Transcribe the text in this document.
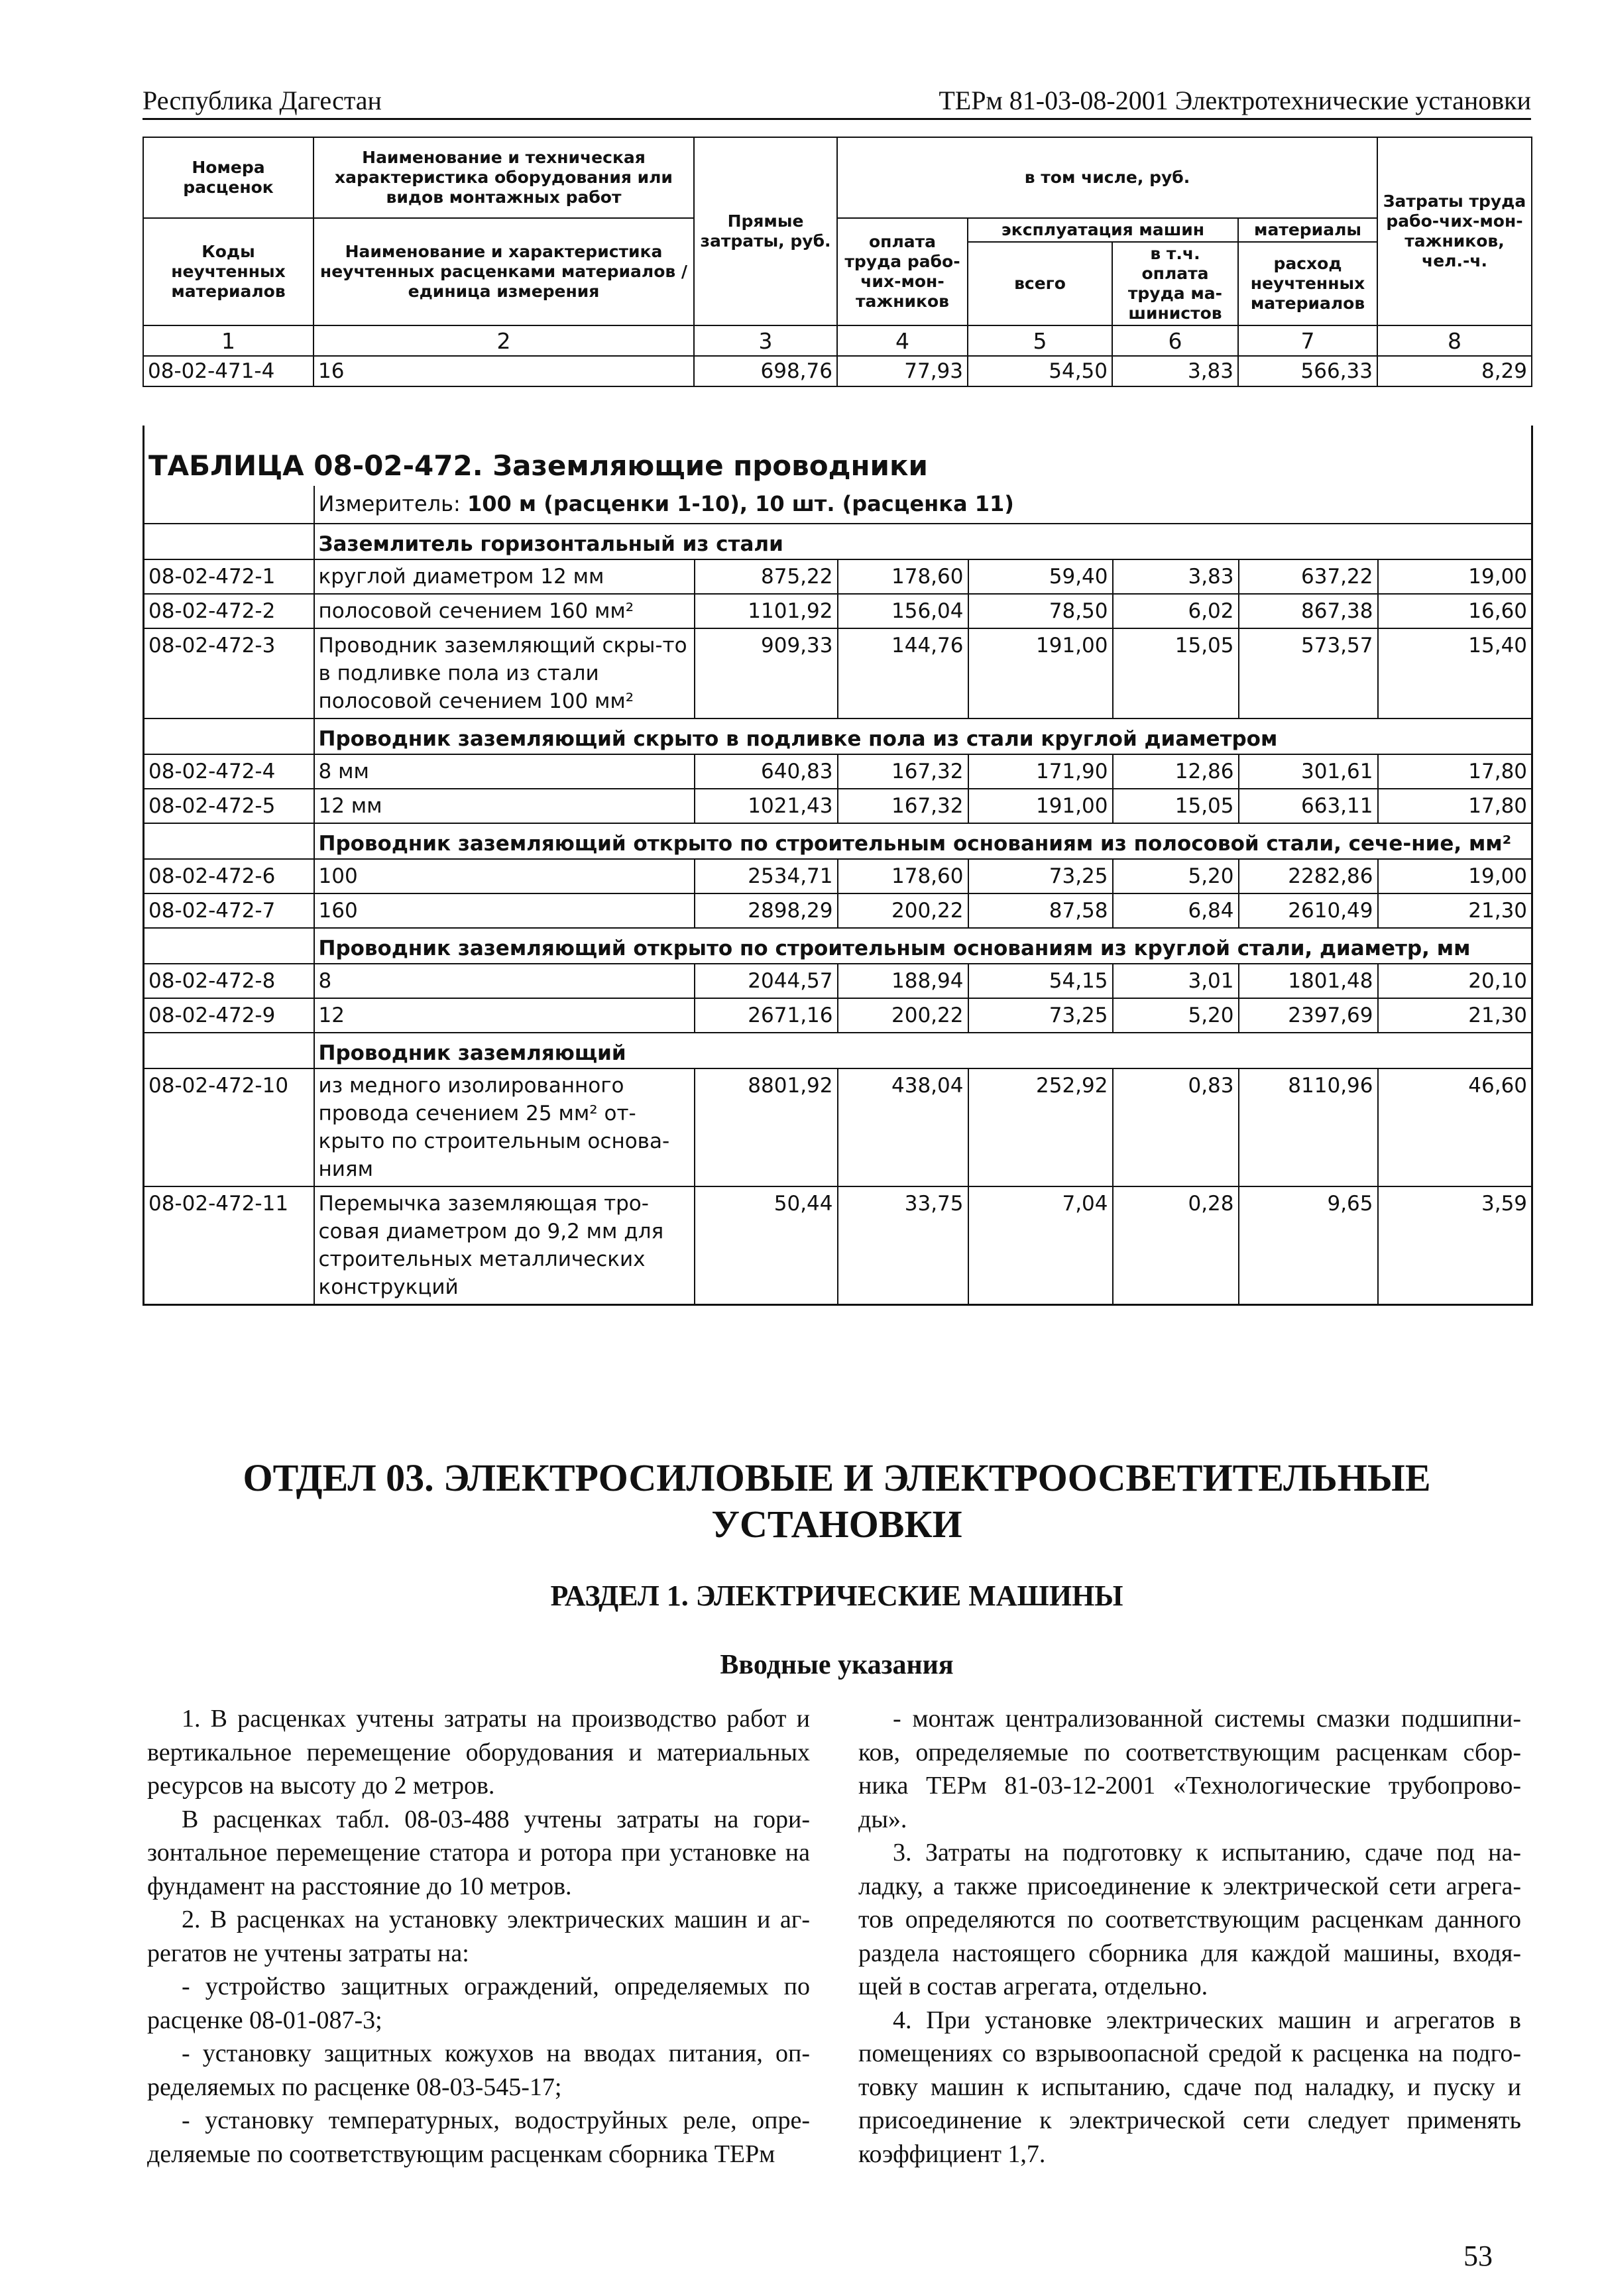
Республика Дагестан	ТЕРм 81-03-08-2001 Электротехнические установки
Номера расценок	Наименование и техническая характеристика оборудования или видов монтажных работ	Прямые затраты, руб.	в том числе, руб.				Затраты труда рабо-чих-мон-тажников, чел.-ч.
Коды неучтенных материалов	Наименование и характеристика неучтенных расценками материалов / единица измерения		оплата труда рабо-чих-мон-тажников	эксплуатация машин		материалы	
				всего	в т.ч. оплата труда ма-шинистов	расход неучтенных материалов	
1	2	3	4	5	6	7	8
08-02-471-4	16	698,76	77,93	54,50	3,83	566,33	8,29
ТАБЛИЦА 08-02-472. Заземляющие проводники							
	Измеритель: 100 м (расценки 1-10), 10 шт. (расценка 11)						
	Заземлитель горизонтальный из стали						
08-02-472-1	круглой диаметром 12 мм	875,22	178,60	59,40	3,83	637,22	19,00
08-02-472-2	полосовой сечением 160 мм²	1101,92	156,04	78,50	6,02	867,38	16,60
08-02-472-3	Проводник заземляющий скры-то в подливке пола из стали полосовой сечением 100 мм²	909,33	144,76	191,00	15,05	573,57	15,40
	Проводник заземляющий скрыто в подливке пола из стали круглой диаметром						
08-02-472-4	8 мм	640,83	167,32	171,90	12,86	301,61	17,80
08-02-472-5	12 мм	1021,43	167,32	191,00	15,05	663,11	17,80
	Проводник заземляющий открыто по строительным основаниям из полосовой стали, сече-ние, мм²						
08-02-472-6	100	2534,71	178,60	73,25	5,20	2282,86	19,00
08-02-472-7	160	2898,29	200,22	87,58	6,84	2610,49	21,30
	Проводник заземляющий открыто по строительным основаниям из круглой стали, диаметр, мм						
08-02-472-8	8	2044,57	188,94	54,15	3,01	1801,48	20,10
08-02-472-9	12	2671,16	200,22	73,25	5,20	2397,69	21,30
	Проводник заземляющий						
08-02-472-10	из медного изолированного провода сечением 25 мм² от-крыто по строительным основа-ниям	8801,92	438,04	252,92	0,83	8110,96	46,60
08-02-472-11	Перемычка заземляющая тро-совая диаметром до 9,2 мм для строительных металлических конструкций	50,44	33,75	7,04	0,28	9,65	3,59
ОТДЕЛ 03. ЭЛЕКТРОСИЛОВЫЕ И ЭЛЕКТРООСВЕТИТЕЛЬНЫЕ УСТАНОВКИ
РАЗДЕЛ 1. ЭЛЕКТРИЧЕСКИЕ МАШИНЫ
Вводные указания

1. В расценках учтены затраты на производство работ и вертикальное перемещение оборудования и материальных ресурсов на высоту до 2 метров.

В расценках табл. 08-03-488 учтены затраты на гори-зонтальное перемещение статора и ротора при установке на фундамент на расстояние до 10 метров.

2. В расценках на установку электрических машин и аг-регатов не учтены затраты на:

- устройство защитных ограждений, определяемых по расценке 08-01-087-3;

- установку защитных кожухов на вводах питания, оп-ределяемых по расценке 08-03-545-17;

- установку температурных, водоструйных реле, опре-деляемые по соответствующим расценкам сборника ТЕРм

- монтаж централизованной системы смазки подшипни-ков, определяемые по соответствующим расценкам сбор-ника ТЕРм 81-03-12-2001 «Технологические трубопрово-ды».

3. Затраты на подготовку к испытанию, сдаче под на-ладку, а также присоединение к электрической сети агрега-тов определяются по соответствующим расценкам данного раздела настоящего сборника для каждой машины, входя-щей в состав агрегата, отдельно.

4. При установке электрических машин и агрегатов в помещениях со взрывоопасной средой к расценка на подго-товку машин к испытанию, сдаче под наладку, и пуску и присоединение к электрической сети следует применять коэффициент 1,7.

53
